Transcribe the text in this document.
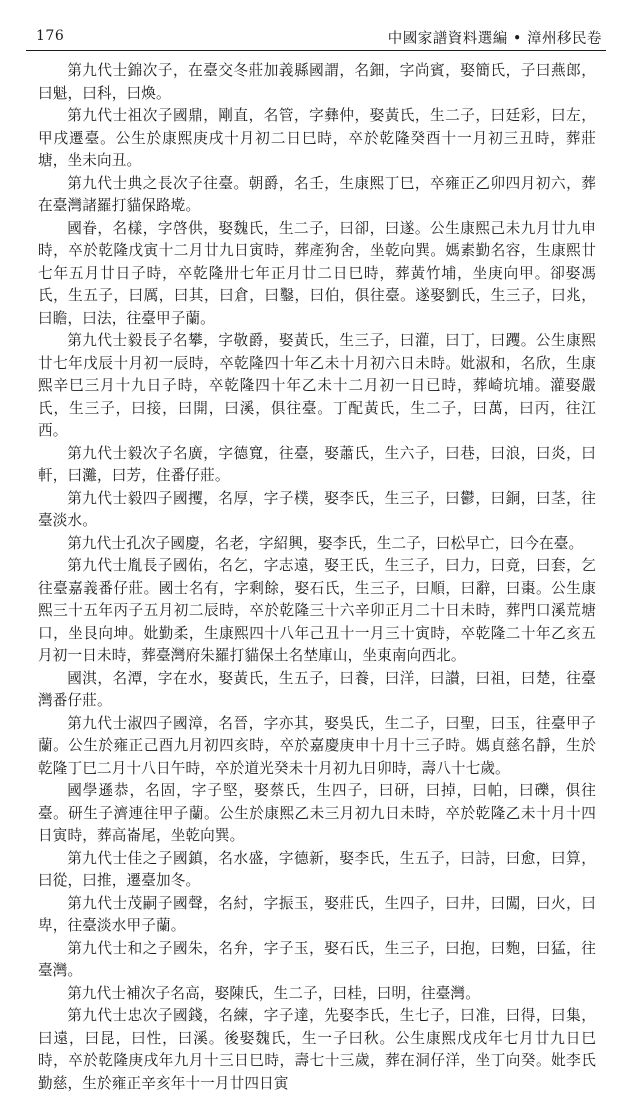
176	中國家譜資料選編 • 漳州移民卷

第九代士錦次子，在臺交冬莊加義縣國謂，名鈿，字尚賓，娶簡氏，子曰燕郎，曰魁，曰科，曰煥。

第九代士祖次子國鼎，剛直，名管，字彝仲，娶黃氏，生二子，曰廷彩，曰左，甲戌遷臺。公生於康熙庚戌十月初二日巳時，卒於乾隆癸酉十一月初三丑時，葬莊塘，坐未向丑。

第九代士典之長次子往臺。朝爵，名壬，生康熙丁巳，卒雍正乙卯四月初六，葬在臺灣諸羅打貓保路墘。

國眷，名樣，字啓供，娶魏氏，生二子，曰卻，曰遂。公生康熙己未九月廿九申時，卒於乾隆戊寅十二月廿九日寅時，葬產狗舍，坐乾向巽。媽素勤名容，生康熙廿七年五月廿日子時，卒乾隆卅七年正月廿二日巳時，葬黃竹埔，坐庚向甲。卻娶馮氏，生五子，曰厲，曰其，曰倉，曰鑿，曰伯，俱往臺。遂娶劉氏，生三子，曰兆，曰瞻，曰法，往臺甲子蘭。

第九代士毅長子名攀，字敬爵，娶黃氏，生三子，曰灌，曰丁，曰躩。公生康熙廿七年戊辰十月初一辰時，卒乾隆四十年乙未十月初六日未時。妣淑和，名欣，生康熙辛巳三月十九日子時，卒乾隆四十年乙未十二月初一日已時，葬崎坑埔。灌娶嚴氏，生三子，曰接，曰開，曰溪，俱往臺。丁配黃氏，生二子，曰萬，曰丙，往江西。

第九代士毅次子名廣，字德寬，往臺，娶蕭氏，生六子，曰巷，曰浪，曰炎，曰軒，曰灘，曰芳，住番仔莊。

第九代士毅四子國攫，名厚，字子樸，娶李氏，生三子，曰鬱，曰銅，曰茎，往臺淡水。

第九代士孔次子國慶，名老，字紹興，娶李氏，生二子，曰松早亡，曰今在臺。

第九代士胤長子國佑，名乞，字志遠，娶王氏，生三子，曰力，曰竟，曰套，乞往臺嘉義番仔莊。國士名有，字剩餘，娶石氏，生三子，曰順，曰辭，曰棗。公生康熙三十五年丙子五月初二辰時，卒於乾隆三十六辛卯正月二十日未時，葬門口溪荒塘口，坐艮向坤。妣勤柔，生康熙四十八年己丑十一月三十寅時，卒乾隆二十年乙亥五月初一日未時，葬臺灣府朱羅打貓保土名埜庫山，坐東南向西北。

國淇，名潭，字在水，娶黃氏，生五子，曰養，曰洋，曰讃，曰祖，曰楚，往臺灣番仔莊。

第九代士淑四子國漳，名晉，字亦其，娶吳氏，生二子，曰聖，曰玉，往臺甲子蘭。公生於雍正己酉九月初四亥時，卒於嘉慶庚申十月十三子時。媽貞慈名靜，生於乾隆丁巳二月十八日午時，卒於道光癸未十月初九日卯時，壽八十七歲。

國學遜恭，名固，字子堅，娶蔡氏，生四子，曰研，曰掉，曰帕，曰礫，俱往臺。研生子濟連往甲子蘭。公生於康熙乙未三月初九日未時，卒於乾隆乙未十月十四日寅時，葬高崙尾，坐乾向巽。

第九代士佳之子國鎮，名水盛，字德新，娶李氏，生五子，曰詩，曰愈，曰算，曰從，曰推，遷臺加冬。

第九代士茂嗣子國聲，名紂，字振玉，娶莊氏，生四子，曰井，曰闖，曰火，曰卑，往臺淡水甲子蘭。

第九代士和之子國朱，名弁，字子玉，娶石氏，生三子，曰抱，曰麭，曰猛，往臺灣。

第九代士補次子名高，娶陳氏，生二子，曰桂，曰明，往臺灣。

第九代士忠次子國錢，名練，字子達，先娶李氏，生七子，曰准，曰得，曰集，曰遠，曰昆，曰性，曰溪。後娶魏氏，生一子曰秋。公生康熙戊戌年七月廿九日巳時，卒於乾隆庚戌年九月十三日巳時，壽七十三歲，葬在洞仔洋，坐丁向癸。妣李氏勤慈，生於雍正辛亥年十一月廿四日寅
